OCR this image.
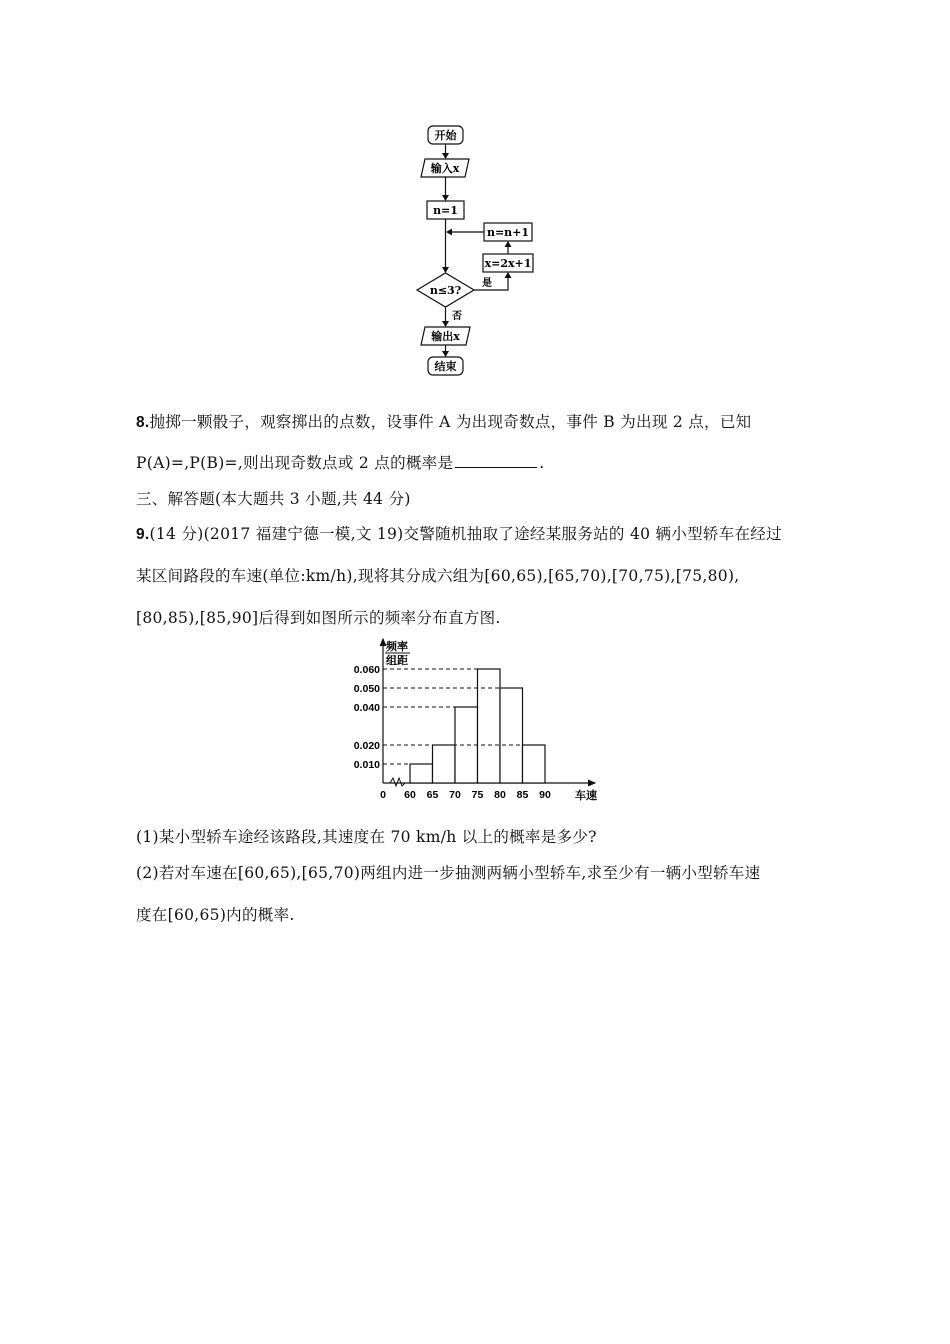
开始
输入x
n=1
n=n+1
x=2x+1
n≤3?
是
否
输出x
结束
8.抛掷一颗骰子，观察掷出的点数，设事件 A 为出现奇数点，事件 B 为出现 2 点，已知
P(A)=,P(B)=,则出现奇数点或 2 点的概率是	.
三、解答题(本大题共 3 小题,共 44 分)
9.(14 分)(2017 福建宁德一模,文 19)交警随机抽取了途经某服务站的 40 辆小型轿车在经过
某区间路段的车速(单位:km/h),现将其分成六组为[60,65),[65,70),[70,75),[75,80),
[80,85),[85,90]后得到如图所示的频率分布直方图.
频率
组距
车速
0.060
0.050
0.040
0.020
0.010
0 60 65 70 75 80 85 90
(1)某小型轿车途经该路段,其速度在 70 km/h 以上的概率是多少?
(2)若对车速在[60,65),[65,70)两组内进一步抽测两辆小型轿车,求至少有一辆小型轿车速
度在[60,65)内的概率.
